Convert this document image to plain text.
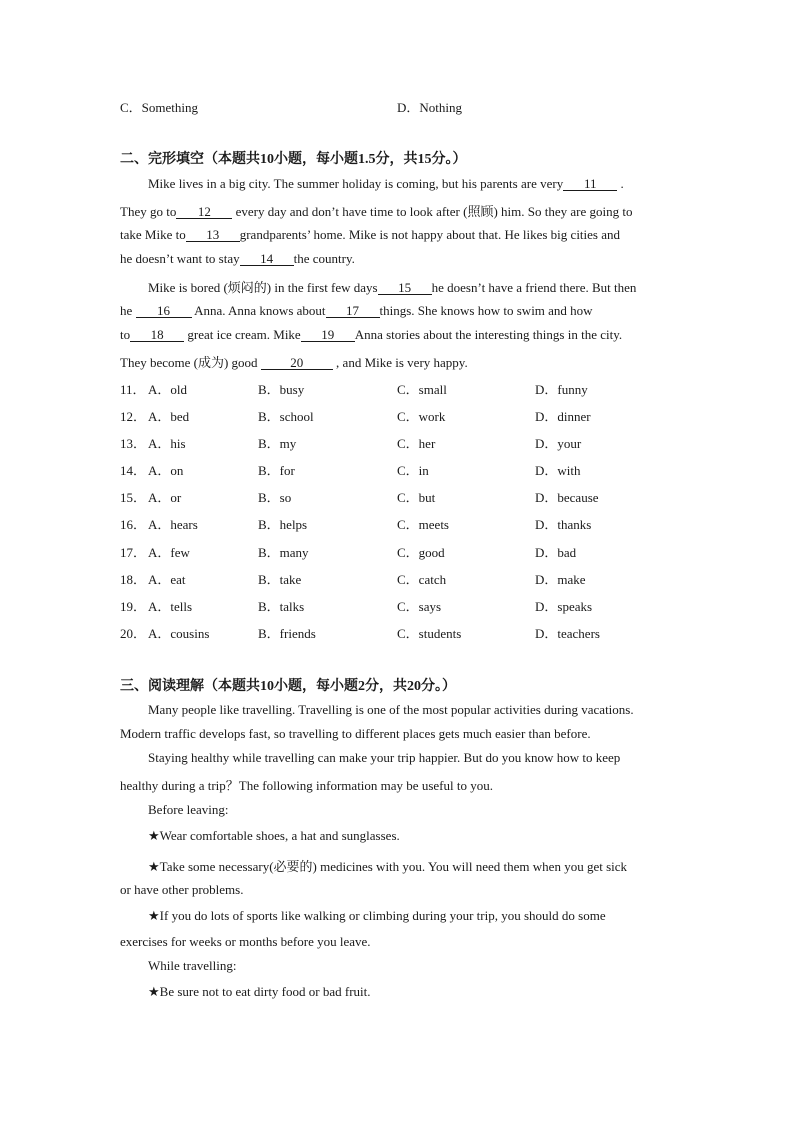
C．Something	D．Nothing
二、完形填空（本题共10小题，每小题1.5分，共15分。）
Mike lives in a big city. The summer holiday is coming, but his parents are very 11 .
They go to 12 every day and don’t have time to look after (照顾) him. So they are going to
take Mike to 13 grandparents’ home. Mike is not happy about that. He likes big cities and
he doesn’t want to stay 14 the country.
Mike is bored (烦闷的) in the first few days 15 he doesn’t have a friend there. But then
he 16 Anna. Anna knows about 17 things. She knows how to swim and how
to 18 great ice cream. Mike 19 Anna stories about the interesting things in the city.
They become (成为) good	20	, and Mike is very happy.
11． A．old	B．busy	C．small	D．funny
12． A．bed	B．school	C．work	D．dinner
13． A．his	B．my	C．her	D．your
14． A．on	B．for	C．in	D．with
15． A．or	B．so	C．but	D．because
16． A．hears	B．helps	C．meets	D．thanks
17． A．few	B．many	C．good	D．bad
18． A．eat	B．take	C．catch	D．make
19． A．tells	B．talks	C．says	D．speaks
20． A．cousins	B．friends	C．students	D．teachers
三、阅读理解（本题共10小题，每小题2分，共20分。）
Many people like travelling. Travelling is one of the most popular activities during vacations.
Modern traffic develops fast, so travelling to different places gets much easier than before.
Staying healthy while travelling can make your trip happier. But do you know how to keep
healthy during a trip？The following information may be useful to you.
Before leaving:
★Wear comfortable shoes, a hat and sunglasses.
★Take some necessary(必要的) medicines with you. You will need them when you get sick
or have other problems.
★If you do lots of sports like walking or climbing during your trip, you should do some
exercises for weeks or months before you leave.
While travelling:
★Be sure not to eat dirty food or bad fruit.
